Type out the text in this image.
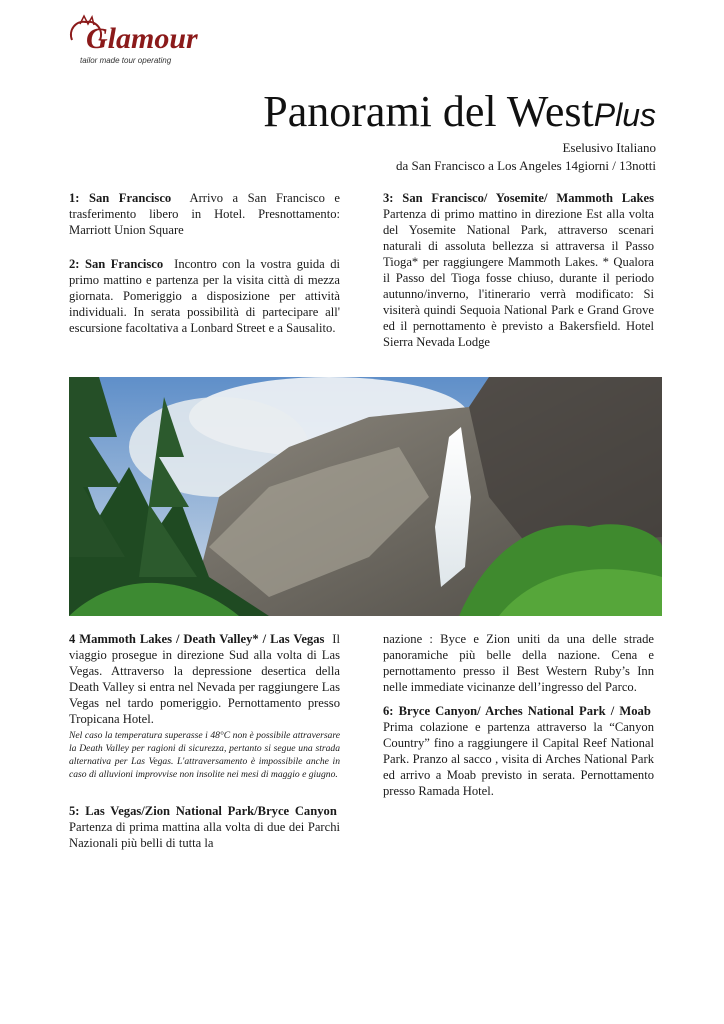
Glamour
tailor made tour operating
Panorami del WestPlus
Eselusivo Italiano
da San Francisco a Los Angeles 14giorni / 13notti

1: San Francisco Arrivo a San Francisco e trasferimento libero in Hotel. Presnottamento: Marriott Union Square

2: San Francisco Incontro con la vostra guida di primo mattino e partenza per la visita città di mezza giornata. Pomeriggio a disposizione per attività individuali. In serata possibilità di partecipare all' escursione facoltativa a Lonbard Street e a Sausalito.

3: San Francisco/ Yosemite/ Mammoth Lakes Partenza di primo mattino in direzione Est alla volta del Yosemite National Park, attraverso scenari naturali di assoluta bellezza si attraversa il Passo Tioga* per raggiungere Mammoth Lakes. * Qualora il Passo del Tioga fosse chiuso, durante il periodo autunno/inverno, l'itinerario verrà modificato: Si visiterà quindi Sequoia National Park e Grand Grove ed il pernottamento è previsto a Bakersfield. Hotel Sierra Nevada Lodge

4 Mammoth Lakes / Death Valley* / Las Vegas Il viaggio prosegue in direzione Sud alla volta di Las Vegas. Attraverso la depressione desertica della Death Valley si entra nel Nevada per raggiungere Las Vegas nel tardo pomeriggio. Pernottamento presso Tropicana Hotel.

Nel caso la temperatura superasse i 48°C non è possibile attraversare la Death Valley per ragioni di sicurezza, pertanto si segue una strada alternativa per Las Vegas. L'attraversamento è impossibile anche in caso di alluvioni improvvise non insolite nei mesi di maggio e giugno.

5: Las Vegas/Zion National Park/Bryce Canyon  Partenza di prima mattina alla volta di due dei Parchi Nazionali più belli di tutta la

nazione : Byce e Zion uniti da una delle strade panoramiche più belle della nazione. Cena e pernottamento presso il Best Western Ruby’s Inn nelle immediate vicinanze dell’ingresso del Parco.

6: Bryce Canyon/ Arches National Park / Moab  Prima colazione e partenza attraverso la “Canyon Country” fino a raggiungere il Capital Reef National Park. Pranzo al sacco , visita di Arches National Park ed arrivo a Moab previsto in serata. Pernottamento presso Ramada Hotel.
